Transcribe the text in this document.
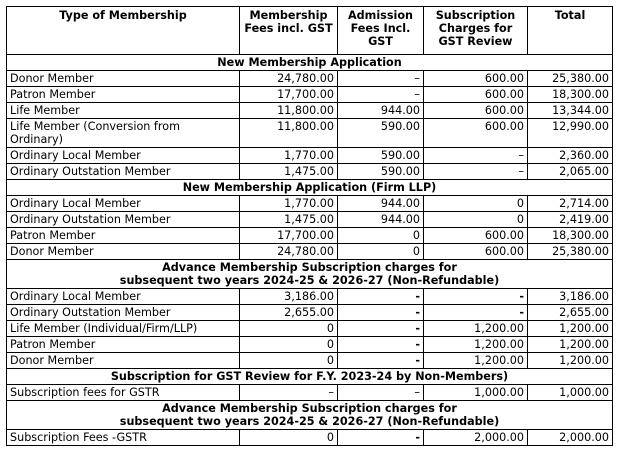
Type of Membership	Membership Fees incl. GST	Admission Fees Incl. GST	Subscription Charges for GST Review	Total
New Membership Application				
Donor Member	24,780.00	–	600.00	25,380.00
Patron Member	17,700.00	–	600.00	18,300.00
Life Member	11,800.00	944.00	600.00	13,344.00
Life Member (Conversion from Ordinary)	11,800.00	590.00	600.00	12,990.00
Ordinary Local Member	1,770.00	590.00	–	2,360.00
Ordinary Outstation Member	1,475.00	590.00	–	2,065.00
New Membership Application (Firm LLP)				
Ordinary Local Member	1,770.00	944.00	0	2,714.00
Ordinary Outstation Member	1,475.00	944.00	0	2,419.00
Patron Member	17,700.00	0	600.00	18,300.00
Donor Member	24,780.00	0	600.00	25,380.00
Advance Membership Subscription charges for
subsequent two years 2024-25 & 2026-27 (Non-Refundable)				

Ordinary Local Member	3,186.00	-	-	3,186.00
Ordinary Outstation Member	2,655.00	-	-	2,655.00
Life Member (Individual/Firm/LLP)	0	-	1,200.00	1,200.00
Patron Member	0	-	1,200.00	1,200.00
Donor Member	0	-	1,200.00	1,200.00
Subscription for GST Review for F.Y. 2023-24 by Non-Members)				
Subscription fees for GSTR	–	–	1,000.00	1,000.00
Advance Membership Subscription charges for
subsequent two years 2024-25 & 2026-27 (Non-Refundable)				

Subscription Fees -GSTR	0	-	2,000.00	2,000.00
